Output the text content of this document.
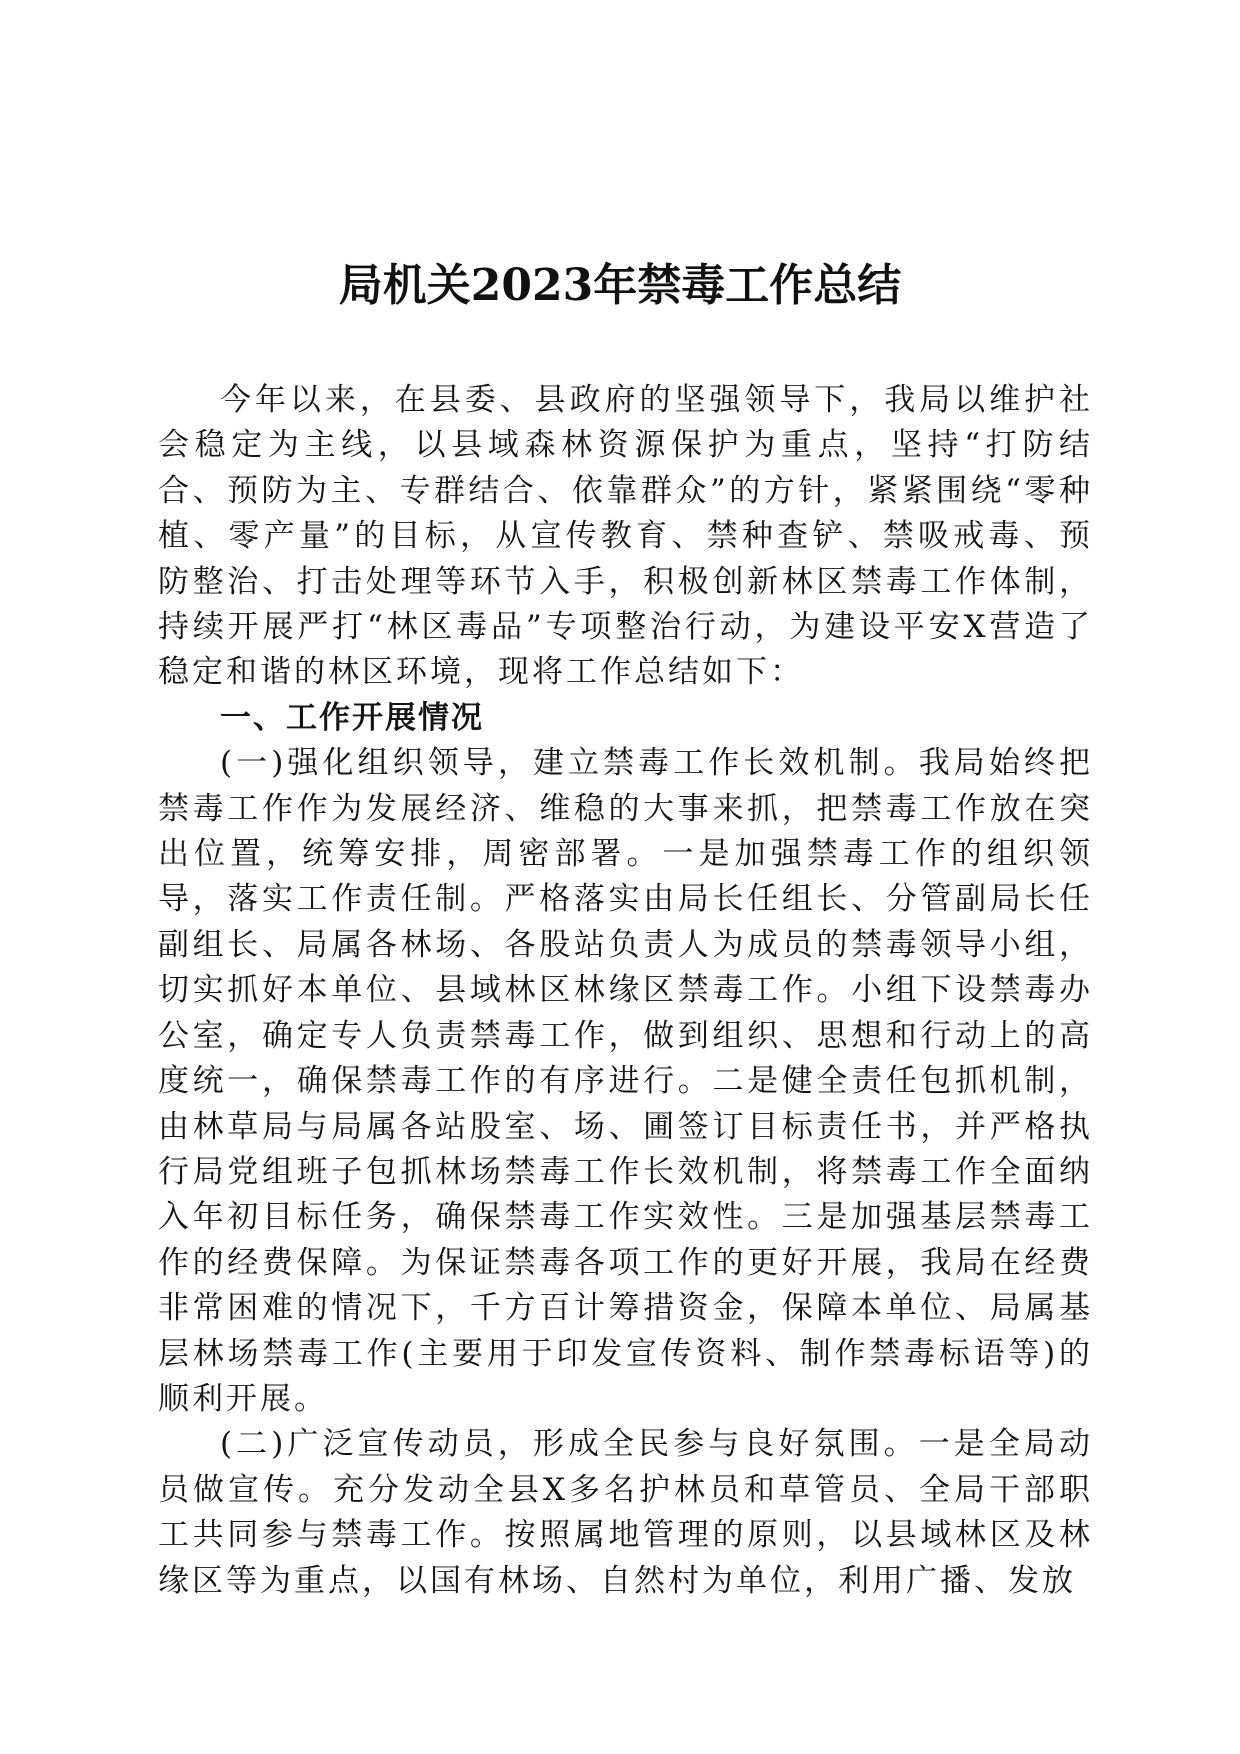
局机关2023年禁毒工作总结

今年以来，在县委、县政府的坚强领导下，我局以维护社会稳定为主线，以县域森林资源保护为重点，坚持“打防结合、预防为主、专群结合、依靠群众”的方针，紧紧围绕“零种植、零产量”的目标，从宣传教育、禁种查铲、禁吸戒毒、预防整治、打击处理等环节入手，积极创新林区禁毒工作体制，持续开展严打“林区毒品”专项整治行动，为建设平安X营造了稳定和谐的林区环境，现将工作总结如下：

一、工作开展情况

(一)强化组织领导，建立禁毒工作长效机制。我局始终把禁毒工作作为发展经济、维稳的大事来抓，把禁毒工作放在突出位置，统筹安排，周密部署。一是加强禁毒工作的组织领导，落实工作责任制。严格落实由局长任组长、分管副局长任副组长、局属各林场、各股站负责人为成员的禁毒领导小组，切实抓好本单位、县域林区林缘区禁毒工作。小组下设禁毒办公室，确定专人负责禁毒工作，做到组织、思想和行动上的高度统一，确保禁毒工作的有序进行。二是健全责任包抓机制，由林草局与局属各站股室、场、圃签订目标责任书，并严格执行局党组班子包抓林场禁毒工作长效机制，将禁毒工作全面纳入年初目标任务，确保禁毒工作实效性。三是加强基层禁毒工作的经费保障。为保证禁毒各项工作的更好开展，我局在经费非常困难的情况下，千方百计筹措资金，保障本单位、局属基层林场禁毒工作(主要用于印发宣传资料、制作禁毒标语等)的顺利开展。

(二)广泛宣传动员，形成全民参与良好氛围。一是全局动员做宣传。充分发动全县X多名护林员和草管员、全局干部职工共同参与禁毒工作。按照属地管理的原则，以县域林区及林缘区等为重点，以国有林场、自然村为单位，利用广播、发放
